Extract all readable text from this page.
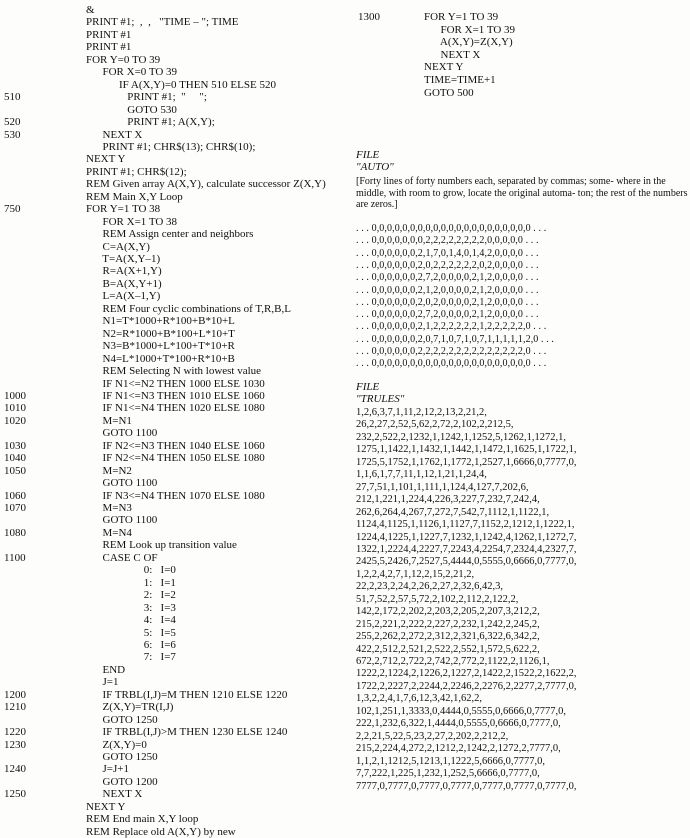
&
PRINT #1;  ,  ,   "TIME – "; TIME
PRINT #1
PRINT #1
FOR Y=0 TO 39
FOR X=0 TO 39
IF A(X,Y)=0 THEN 510 ELSE 520
510	PRINT #1;  "     ";
GOTO 530
520	PRINT #1; A(X,Y);
530	NEXT X
PRINT #1; CHR$(13); CHR$(10);
NEXT Y
PRINT #1; CHR$(12);
REM Given array A(X,Y), calculate successor Z(X,Y)
REM Main X,Y Loop
750	FOR Y=1 TO 38
FOR X=1 TO 38
REM Assign center and neighbors
C=A(X,Y)
T=A(X,Y–1)
R=A(X+1,Y)
B=A(X,Y+1)
L=A(X–1,Y)
REM Four cyclic combinations of T,R,B,L
N1=T*1000+R*100+B*10+L
N2=R*1000+B*100+L*10+T
N3=B*1000+L*100+T*10+R
N4=L*1000+T*100+R*10+B
REM Selecting N with lowest value
IF N1<=N2 THEN 1000 ELSE 1030
1000	IF N1<=N3 THEN 1010 ELSE 1060
1010	IF N1<=N4 THEN 1020 ELSE 1080
1020	M=N1
GOTO 1100
1030	IF N2<=N3 THEN 1040 ELSE 1060
1040	IF N2<=N4 THEN 1050 ELSE 1080
1050	M=N2
GOTO 1100
1060	IF N3<=N4 THEN 1070 ELSE 1080
1070	M=N3
GOTO 1100
1080	M=N4
REM Look up transition value
1100	CASE C OF
0:   I=0
1:   I=1
2:   I=2
3:   I=3
4:   I=4
5:   I=5
6:   I=6
7:   I=7
END
J=1
1200	IF TRBL(I,J)=M THEN 1210 ELSE 1220
1210	Z(X,Y)=TR(I,J)
GOTO 1250
1220	IF TRBL(I,J)>M THEN 1230 ELSE 1240
1230	Z(X,Y)=0
GOTO 1250
1240	J=J+1
GOTO 1200
1250	NEXT X
NEXT Y
REM End main X,Y loop
REM Replace old A(X,Y) by new
1300	FOR Y=1 TO 39
FOR X=1 TO 39
A(X,Y)=Z(X,Y)
NEXT X
NEXT Y
TIME=TIME+1
GOTO 500
FILE "AUTO"
[Forty lines of forty numbers each, separated by commas; some- where in the middle, with room to grow, locate the original automa- ton; the rest of the numbers are zeros.]
. . . 0,0,0,0,0,0,0,0,0,0,0,0,0,0,0,0,0,0,0,0,0 . . .
. . . 0,0,0,0,0,0,0,2,2,2,2,2,2,2,2,0,0,0,0,0 . . .
. . . 0,0,0,0,0,0,2,1,7,0,1,4,0,1,4,2,0,0,0,0 . . .
. . . 0,0,0,0,0,0,2,0,2,2,2,2,2,2,0,2,0,0,0,0 . . .
. . . 0,0,0,0,0,0,2,7,2,0,0,0,0,2,1,2,0,0,0,0 . . .
. . . 0,0,0,0,0,0,2,1,2,0,0,0,0,2,1,2,0,0,0,0 . . .
. . . 0,0,0,0,0,0,2,0,2,0,0,0,0,2,1,2,0,0,0,0 . . .
. . . 0,0,0,0,0,0,2,7,2,0,0,0,0,2,1,2,0,0,0,0 . . .
. . . 0,0,0,0,0,0,2,1,2,2,2,2,2,2,1,2,2,2,2,2,0 . . .
. . . 0,0,0,0,0,0,2,0,7,1,0,7,1,0,7,1,1,1,1,1,2,0 . . .
. . . 0,0,0,0,0,0,2,2,2,2,2,2,2,2,2,2,2,2,2,2,0 . . .
. . . 0,0,0,0,0,0,0,0,0,0,0,0,0,0,0,0,0,0,0,0,0 . . .
FILE "TRULES"
1,2,6,3,7,1,11,2,12,2,13,2,21,2,
26,2,27,2,52,5,62,2,72,2,102,2,212,5,
232,2,522,2,1232,1,1242,1,1252,5,1262,1,1272,1,
1275,1,1422,1,1432,1,1442,1,1472,1,1625,1,1722,1,
1725,5,1752,1,1762,1,1772,1,2527,1,6666,0,7777,0,
1,1,6,1,7,7,11,1,12,1,21,1,24,4,
27,7,51,1,101,1,111,1,124,4,127,7,202,6,
212,1,221,1,224,4,226,3,227,7,232,7,242,4,
262,6,264,4,267,7,272,7,542,7,1112,1,1122,1,
1124,4,1125,1,1126,1,1127,7,1152,2,1212,1,1222,1,
1224,4,1225,1,1227,7,1232,1,1242,4,1262,1,1272,7,
1322,1,2224,4,2227,7,2243,4,2254,7,2324,4,2327,7,
2425,5,2426,7,2527,5,4444,0,5555,0,6666,0,7777,0,
1,2,2,4,2,7,1,12,2,15,2,21,2,
22,2,23,2,24,2,26,2,27,2,32,6,42,3,
51,7,52,2,57,5,72,2,102,2,112,2,122,2,
142,2,172,2,202,2,203,2,205,2,207,3,212,2,
215,2,221,2,222,2,227,2,232,1,242,2,245,2,
255,2,262,2,272,2,312,2,321,6,322,6,342,2,
422,2,512,2,521,2,522,2,552,1,572,5,622,2,
672,2,712,2,722,2,742,2,772,2,1122,2,1126,1,
1222,2,1224,2,1226,2,1227,2,1422,2,1522,2,1622,2,
1722,2,2227,2,2244,2,2246,2,2276,2,2277,2,7777,0,
1,3,2,2,4,1,7,6,12,3,42,1,62,2,
102,1,251,1,3333,0,4444,0,5555,0,6666,0,7777,0,
222,1,232,6,322,1,4444,0,5555,0,6666,0,7777,0,
2,2,21,5,22,5,23,2,27,2,202,2,212,2,
215,2,224,4,272,2,1212,2,1242,2,1272,2,7777,0,
1,1,2,1,1212,5,1213,1,1222,5,6666,0,7777,0,
7,7,222,1,225,1,232,1,252,5,6666,0,7777,0,
7777,0,7777,0,7777,0,7777,0,7777,0,7777,0,7777,0,
